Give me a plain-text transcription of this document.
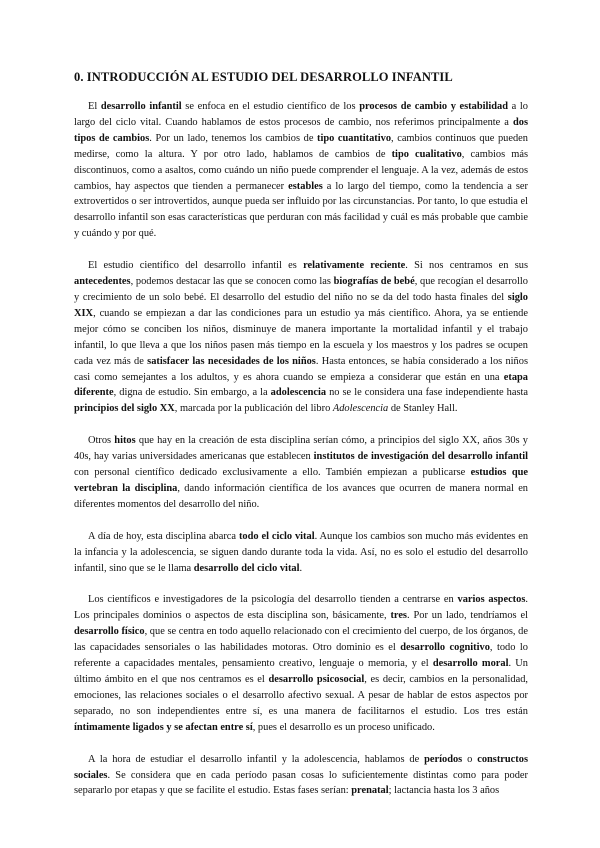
0. INTRODUCCIÓN AL ESTUDIO DEL DESARROLLO INFANTIL

El desarrollo infantil se enfoca en el estudio científico de los procesos de cambio y estabilidad a lo largo del ciclo vital. Cuando hablamos de estos procesos de cambio, nos referimos principalmente a dos tipos de cambios. Por un lado, tenemos los cambios de tipo cuantitativo, cambios continuos que pueden medirse, como la altura. Y por otro lado, hablamos de cambios de tipo cualitativo, cambios más discontinuos, como a asaltos, como cuándo un niño puede comprender el lenguaje. A la vez, además de estos cambios, hay aspectos que tienden a permanecer estables a lo largo del tiempo, como la tendencia a ser extrovertidos o ser introvertidos, aunque pueda ser influido por las circunstancias. Por tanto, lo que estudia el desarrollo infantil son esas características que perduran con más facilidad y cuál es más probable que cambie y cuándo y por qué.

El estudio científico del desarrollo infantil es relativamente reciente. Si nos centramos en sus antecedentes, podemos destacar las que se conocen como las biografías de bebé, que recogían el desarrollo y crecimiento de un solo bebé. El desarrollo del estudio del niño no se da del todo hasta finales del siglo XIX, cuando se empiezan a dar las condiciones para un estudio ya más científico. Ahora, ya se entiende mejor cómo se conciben los niños, disminuye de manera importante la mortalidad infantil y el trabajo infantil, lo que lleva a que los niños pasen más tiempo en la escuela y los maestros y los padres se ocupen cada vez más de satisfacer las necesidades de los niños. Hasta entonces, se había considerado a los niños casi como semejantes a los adultos, y es ahora cuando se empieza a considerar que están en una etapa diferente, digna de estudio. Sin embargo, a la adolescencia no se le considera una fase independiente hasta principios del siglo XX, marcada por la publicación del libro Adolescencia de Stanley Hall.

Otros hitos que hay en la creación de esta disciplina serían cómo, a principios del siglo XX, años 30s y 40s, hay varias universidades americanas que establecen institutos de investigación del desarrollo infantil con personal científico dedicado exclusivamente a ello. También empiezan a publicarse estudios que vertebran la disciplina, dando información científica de los avances que ocurren de manera normal en diferentes momentos del desarrollo del niño.

A día de hoy, esta disciplina abarca todo el ciclo vital. Aunque los cambios son mucho más evidentes en la infancia y la adolescencia, se siguen dando durante toda la vida. Así, no es solo el estudio del desarrollo infantil, sino que se le llama desarrollo del ciclo vital.

Los científicos e investigadores de la psicología del desarrollo tienden a centrarse en varios aspectos. Los principales dominios o aspectos de esta disciplina son, básicamente, tres. Por un lado, tendríamos el desarrollo físico, que se centra en todo aquello relacionado con el crecimiento del cuerpo, de los órganos, de las capacidades sensoriales o las habilidades motoras. Otro dominio es el desarrollo cognitivo, todo lo referente a capacidades mentales, pensamiento creativo, lenguaje o memoria, y el desarrollo moral. Un último ámbito en el que nos centramos es el desarrollo psicosocial, es decir, cambios en la personalidad, emociones, las relaciones sociales o el desarrollo afectivo sexual. A pesar de hablar de estos aspectos por separado, no son independientes entre sí, es una manera de facilitarnos el estudio. Los tres están íntimamente ligados y se afectan entre sí, pues el desarrollo es un proceso unificado.

A la hora de estudiar el desarrollo infantil y la adolescencia, hablamos de períodos o constructos sociales. Se considera que en cada período pasan cosas lo suficientemente distintas como para poder separarlo por etapas y que se facilite el estudio. Estas fases serían: prenatal; lactancia hasta los 3 años
